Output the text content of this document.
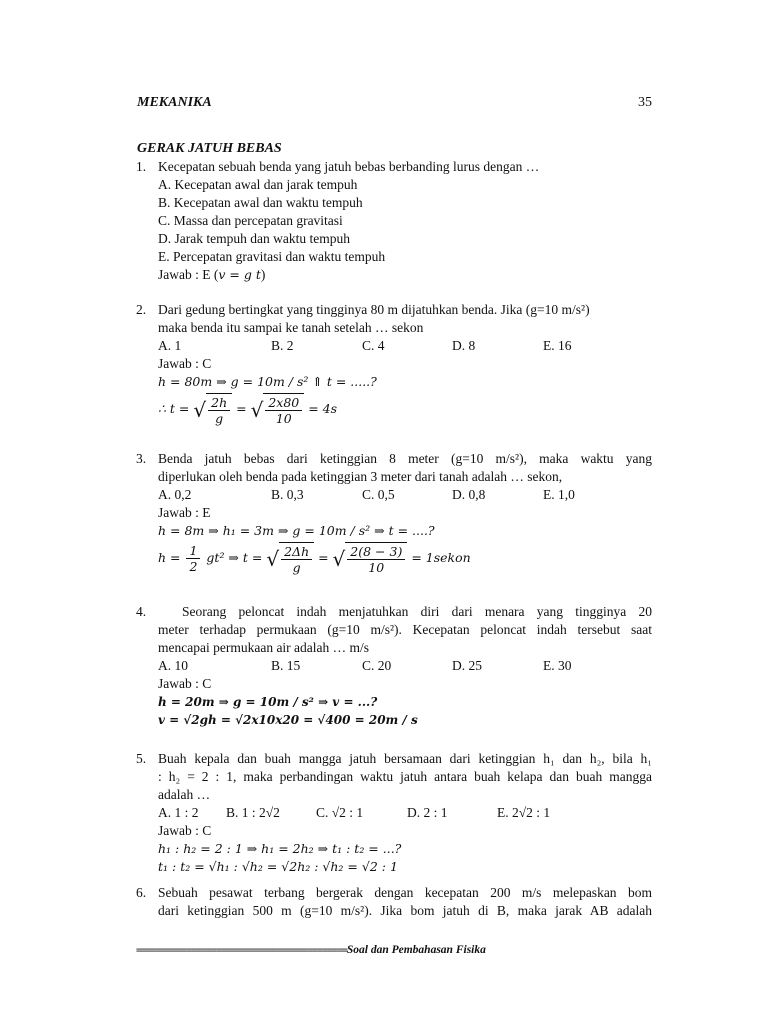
MEKANIKA	35
GERAK JATUH BEBAS
1. Kecepatan sebuah benda yang jatuh bebas berbanding lurus dengan …
A. Kecepatan awal dan jarak tempuh
B. Kecepatan awal dan waktu tempuh
C. Massa dan percepatan gravitasi
D. Jarak tempuh dan waktu tempuh
E. Percepatan gravitasi dan waktu tempuh
Jawab : E (v = g t)
2. Dari gedung bertingkat yang tingginya 80 m dijatuhkan benda. Jika (g=10 m/s²)
maka benda itu sampai ke tanah setelah … sekon
A. 1	B. 2	C. 4	D. 8	E. 16
Jawab : C
h = 80m ⇒ g = 10m / s² ⇑ t = .....?
∴ t = √ $\frac{2h}{g}$ = √ $\frac{2x80}{10} = 4s$
3. Benda jatuh bebas dari ketinggian 8 meter (g=10 m/s²), maka waktu yang
diperlukan oleh benda pada ketinggian 3 meter dari tanah adalah … sekon,
A. 0,2	B. 0,3	C. 0,5	D. 0,8	E. 1,0
Jawab : E
h = 8m ⇒ h₁ = 3m ⇒ g = 10m / s² ⇒ t = ....?
$h = \frac{1}{2} gt^2$ ⇒ t = √ $\frac{2\Delta h}{g}$ = √ $\frac{2(8 - 3)}{10}$ = 1sekon
4.	Seorang peloncat indah menjatuhkan diri dari menara yang tingginya 20
meter terhadap permukaan (g=10 m/s²). Kecepatan peloncat indah tersebut saat
mencapai permukaan air adalah … m/s
A. 10	B. 15	C. 20	D. 25	E. 30
Jawab : C
h = 20m ⇒ g = 10m / s² ⇒ v = ...?
v = √2gh = √2x10x20 = √400 = 20m / s
5. Buah kepala dan buah mangga jatuh bersamaan dari ketinggian h₁ dan h₂, bila h₁
: h₂ = 2 : 1, maka perbandingan waktu jatuh antara buah kelapa dan buah mangga
adalah …
A. 1 : 2 B. 1 : 2√2	C. √2 : 1	D. 2 : 1	E. 2√2 : 1
Jawab : C
h₁ : h₂ = 2 : 1 ⇒ h₁ = 2h₂ ⇒ t₁ : t₂ = ...?
t₁ : t₂ = √h₁ : √h₂ = √2h₂ : √h₂ = √2 : 1
6. Sebuah pesawat terbang bergerak dengan kecepatan 200 m/s melepaskan bom
dari ketinggian 500 m (g=10 m/s²). Jika bom jatuh di B, maka jarak AB adalah
==========================================Soal dan Pembahasan Fisika
